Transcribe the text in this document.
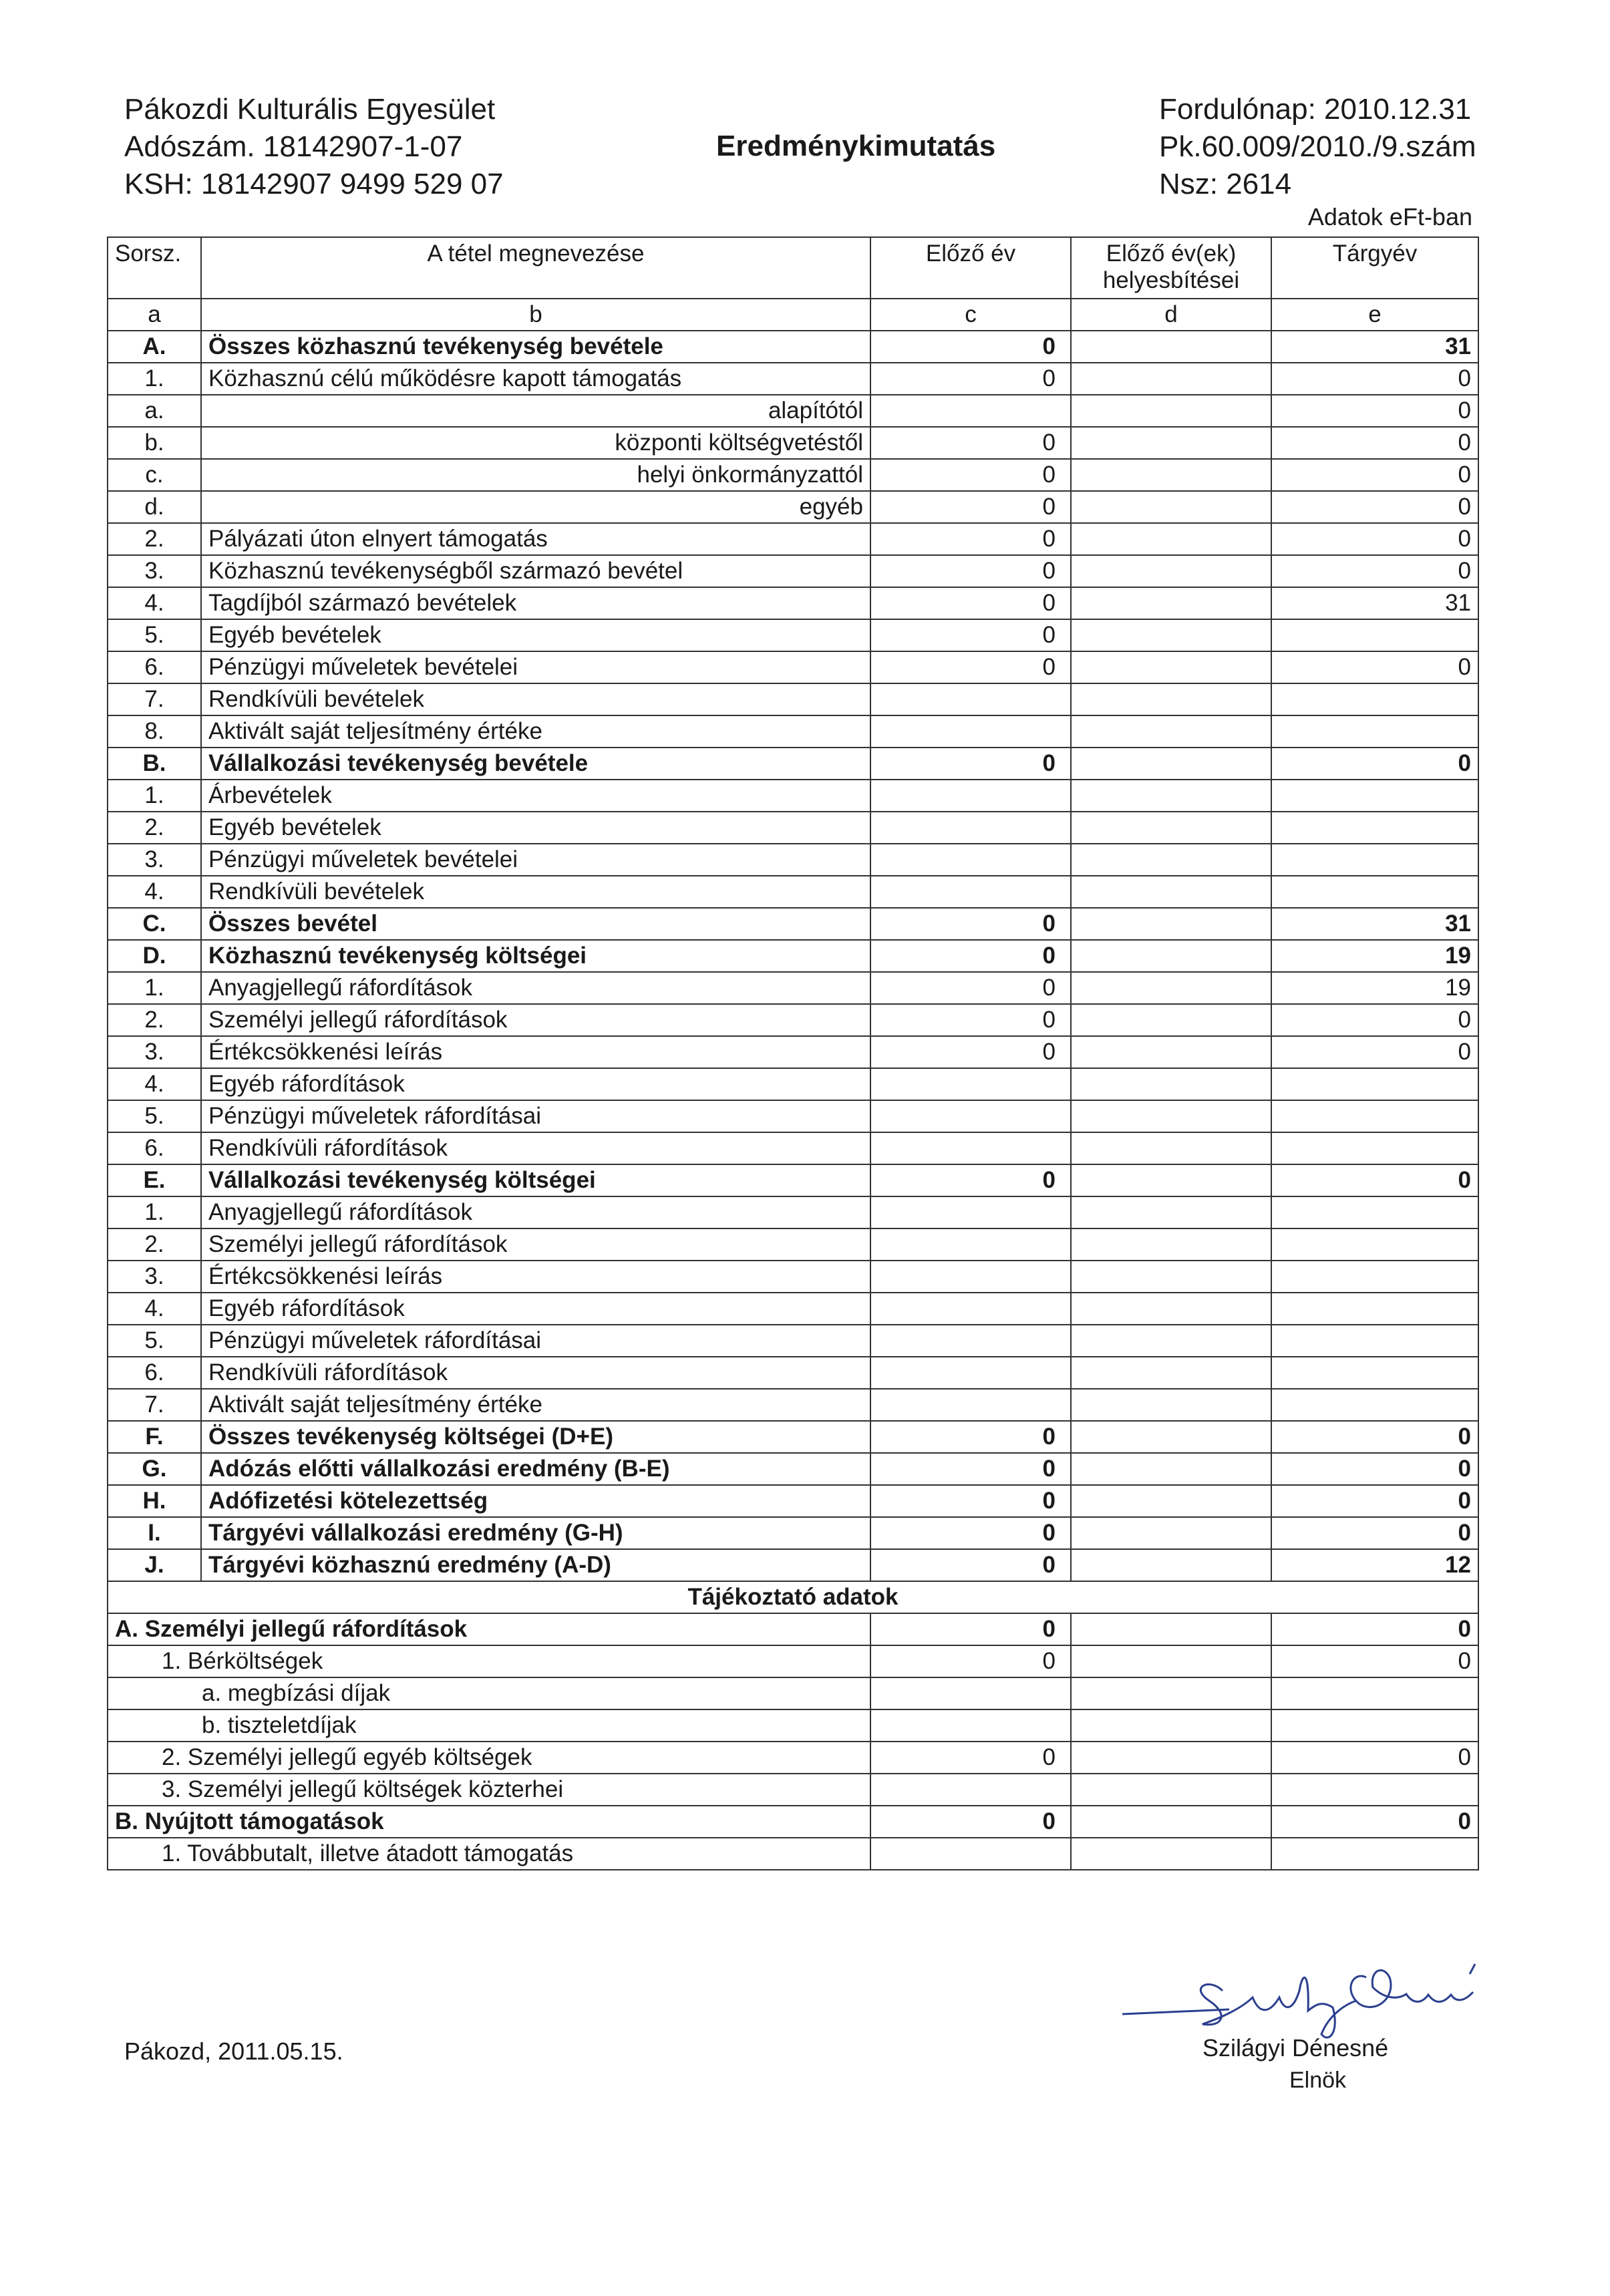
Pákozdi Kulturális Egyesület
Adószám. 18142907-1-07
KSH: 18142907 9499 529 07
Eredménykimutatás
Fordulónap: 2010.12.31
Pk.60.009/2010./9.szám
Nsz: 2614
Adatok eFt-ban
Sorsz.	A tétel megnevezése	Előző év	Előző év(ek)
helyesbítései	Tárgyév
a	b	c	d	e
A.	Összes közhasznú tevékenység bevétele	0		31
1.	Közhasznú célú működésre kapott támogatás	0		0
a.	alapítótól			0
b.	központi költségvetéstől	0		0
c.	helyi önkormányzattól	0		0
d.	egyéb	0		0
2.	Pályázati úton elnyert támogatás	0		0
3.	Közhasznú tevékenységből származó bevétel	0		0
4.	Tagdíjból származó bevételek	0		31
5.	Egyéb bevételek	0		
6.	Pénzügyi műveletek bevételei	0		0
7.	Rendkívüli bevételek			
8.	Aktivált saját teljesítmény értéke			
B.	Vállalkozási tevékenység bevétele	0		0
1.	Árbevételek			
2.	Egyéb bevételek			
3.	Pénzügyi műveletek bevételei			
4.	Rendkívüli bevételek			
C.	Összes bevétel	0		31
D.	Közhasznú tevékenység költségei	0		19
1.	Anyagjellegű ráfordítások	0		19
2.	Személyi jellegű ráfordítások	0		0
3.	Értékcsökkenési leírás	0		0
4.	Egyéb ráfordítások			
5.	Pénzügyi műveletek ráfordításai			
6.	Rendkívüli ráfordítások			
E.	Vállalkozási tevékenység költségei	0		0
1.	Anyagjellegű ráfordítások			
2.	Személyi jellegű ráfordítások			
3.	Értékcsökkenési leírás			
4.	Egyéb ráfordítások			
5.	Pénzügyi műveletek ráfordításai			
6.	Rendkívüli ráfordítások			
7.	Aktivált saját teljesítmény értéke			
F.	Összes tevékenység költségei (D+E)	0		0
G.	Adózás előtti vállalkozási eredmény (B-E)	0		0
H.	Adófizetési kötelezettség	0		0
I.	Tárgyévi vállalkozási eredmény (G-H)	0		0
J.	Tárgyévi közhasznú eredmény (A-D)	0		12
Tájékoztató adatok				
A. Személyi jellegű ráfordítások		0		0
1. Bérköltségek		0		0
a. megbízási díjak				
b. tiszteletdíjak				
2. Személyi jellegű egyéb költségek		0		0
3. Személyi jellegű költségek közterhei				
B. Nyújtott támogatások		0		0
1. Továbbutalt, illetve átadott támogatás				
Pákozd, 2011.05.15.	Szilágyi Dénesné
Elnök
